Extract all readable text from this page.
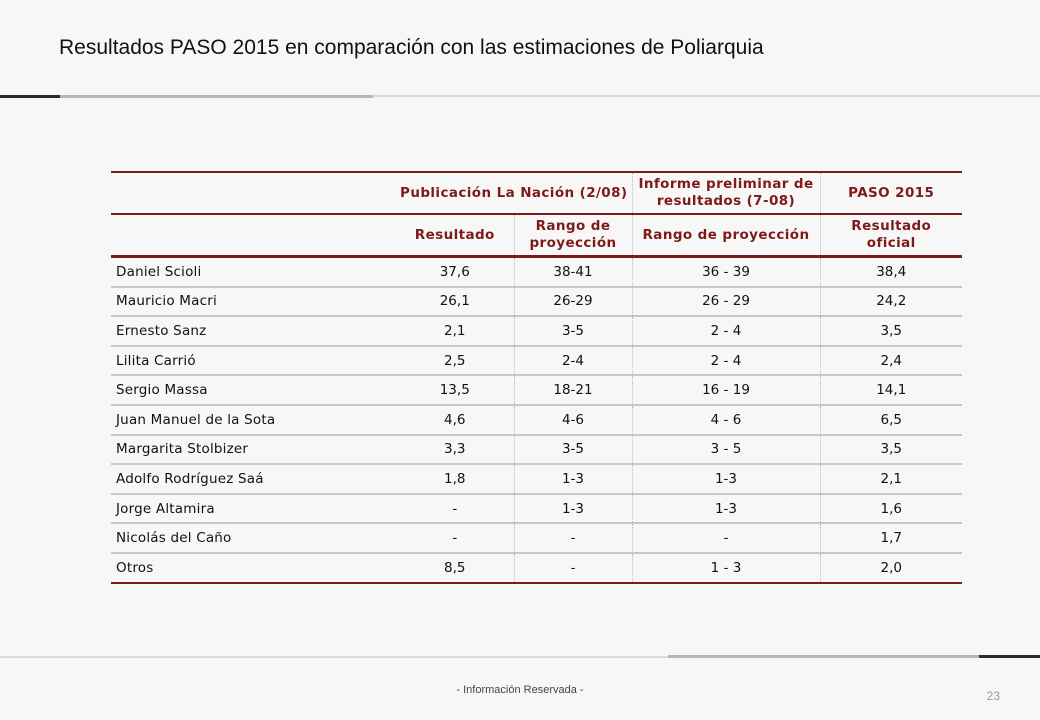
Resultados PASO 2015 en comparación con las estimaciones de Poliarquia
	Publicación La Nación (2/08)		Informe preliminar de resultados (7-08)	PASO 2015
	Resultado	Rango de proyección	Rango de proyección	Resultado oficial
Daniel Scioli	37,6	38-41	36 - 39	38,4
Mauricio Macri	26,1	26-29	26 - 29	24,2
Ernesto Sanz	2,1	3-5	2 - 4	3,5
Lilita Carrió	2,5	2-4	2 - 4	2,4
Sergio Massa	13,5	18-21	16 - 19	14,1
Juan Manuel de la Sota	4,6	4-6	4 - 6	6,5
Margarita Stolbizer	3,3	3-5	3 - 5	3,5
Adolfo Rodríguez Saá	1,8	1-3	1-3	2,1
Jorge Altamira	-	1-3	1-3	1,6
Nicolás del Caño	-	-	-	1,7
Otros	8,5	-	1 - 3	2,0
- Información Reservada -	23
